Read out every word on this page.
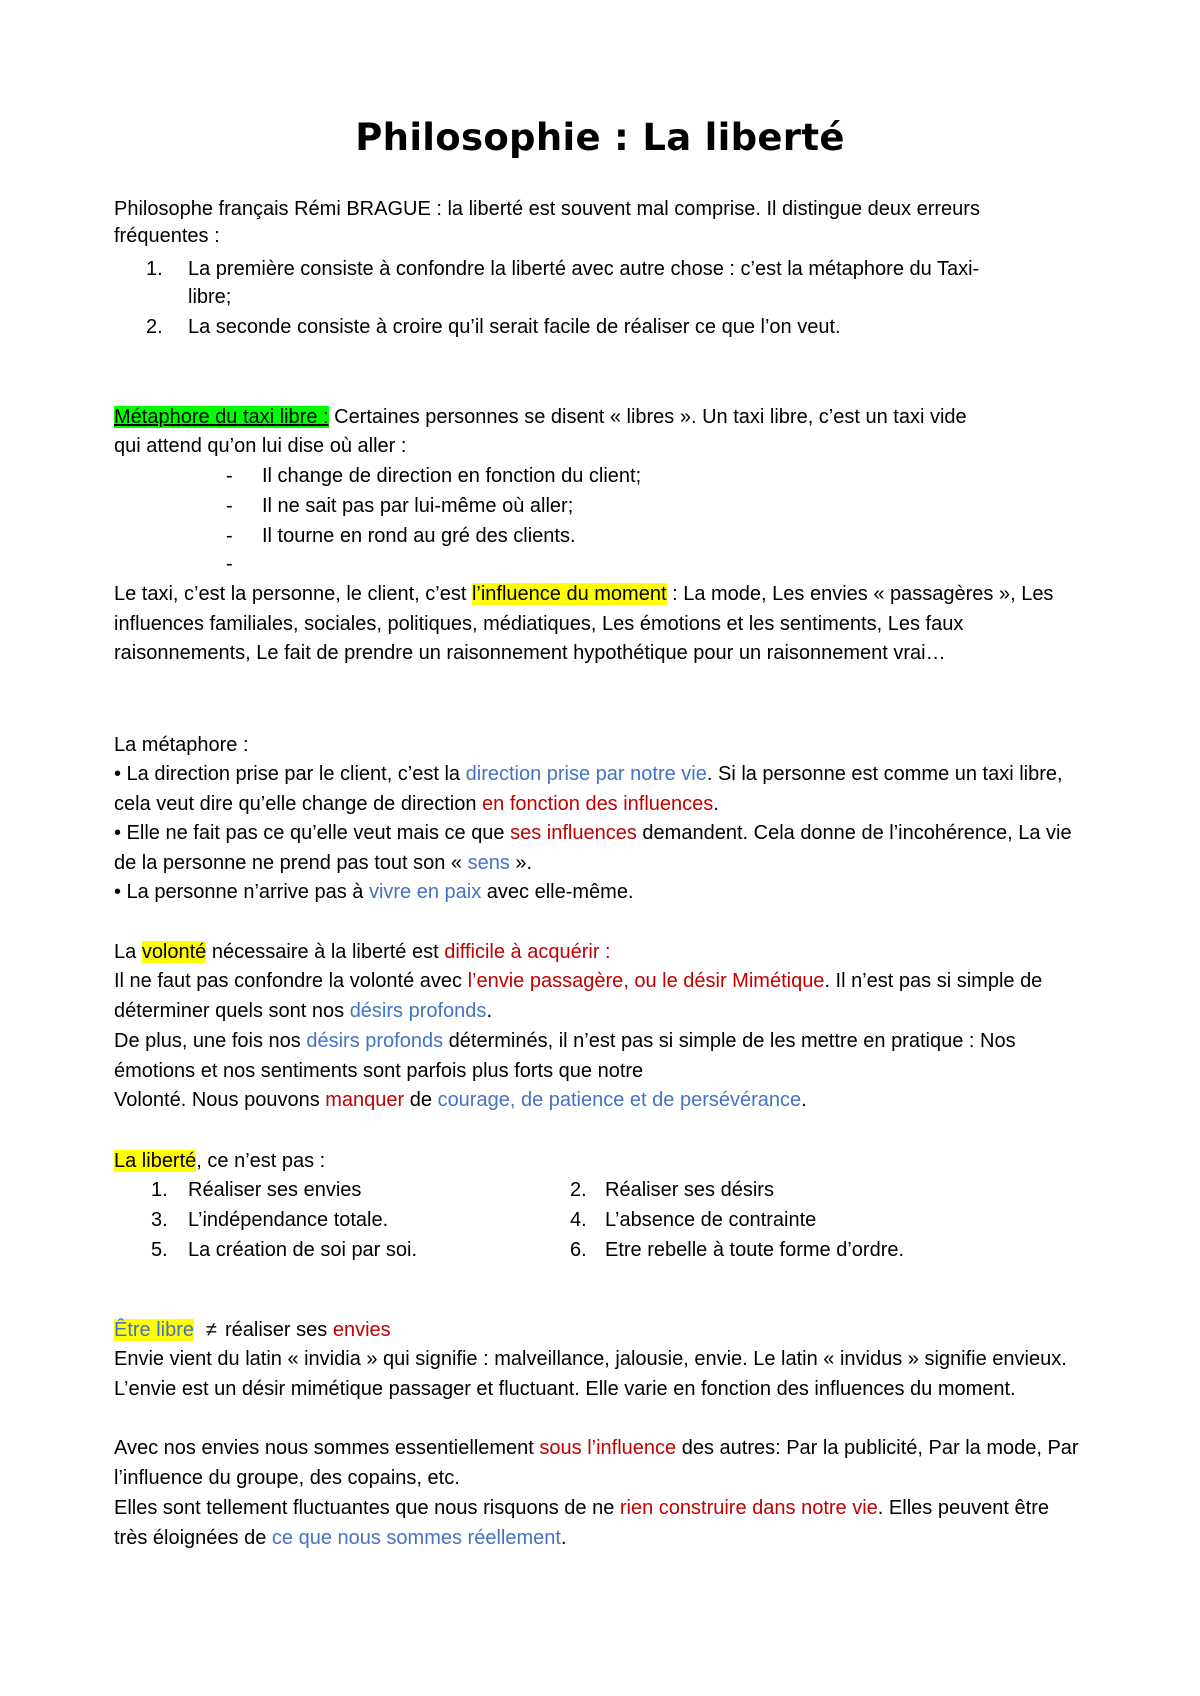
Philosophie : La liberté
Philosophe français Rémi BRAGUE : la liberté est souvent mal comprise. Il distingue deux erreurs
fréquentes :
1. La première consiste à confondre la liberté avec autre chose : c’est la métaphore du Taxi-
libre;
2. La seconde consiste à croire qu’il serait facile de réaliser ce que l’on veut.
Métaphore du taxi libre : Certaines personnes se disent « libres ». Un taxi libre, c’est un taxi vide
qui attend qu’on lui dise où aller :
- Il change de direction en fonction du client;
- Il ne sait pas par lui-même où aller;
- Il tourne en rond au gré des clients.
-
Le taxi, c’est la personne, le client, c’est l’influence du moment : La mode, Les envies « passagères », Les influences familiales, sociales, politiques, médiatiques, Les émotions et les sentiments, Les faux raisonnements, Le fait de prendre un raisonnement hypothétique pour un raisonnement vrai…
La métaphore :
• La direction prise par le client, c’est la direction prise par notre vie. Si la personne est comme un taxi libre, cela veut dire qu’elle change de direction en fonction des influences.
• Elle ne fait pas ce qu’elle veut mais ce que ses influences demandent. Cela donne de l’incohérence, La vie de la personne ne prend pas tout son « sens ».
• La personne n’arrive pas à vivre en paix avec elle-même.
La volonté nécessaire à la liberté est difficile à acquérir :
Il ne faut pas confondre la volonté avec l’envie passagère, ou le désir Mimétique. Il n’est pas si simple de déterminer quels sont nos désirs profonds.
De plus, une fois nos désirs profonds déterminés, il n’est pas si simple de les mettre en pratique : Nos émotions et nos sentiments sont parfois plus forts que notre
Volonté. Nous pouvons manquer de courage, de patience et de persévérance.
La liberté, ce n’est pas :
1. Réaliser ses envies
3. L’indépendance totale.
5. La création de soi par soi.
2. Réaliser ses désirs
4. L’absence de contrainte
6. Etre rebelle à toute forme d’ordre.
Être libre ≠ réaliser ses envies
Envie vient du latin « invidia » qui signifie : malveillance, jalousie, envie. Le latin « invidus » signifie envieux. L’envie est un désir mimétique passager et fluctuant. Elle varie en fonction des influences du moment.
Avec nos envies nous sommes essentiellement sous l’influence des autres: Par la publicité, Par la mode, Par l’influence du groupe, des copains, etc.
Elles sont tellement fluctuantes que nous risquons de ne rien construire dans notre vie. Elles peuvent être très éloignées de ce que nous sommes réellement.
